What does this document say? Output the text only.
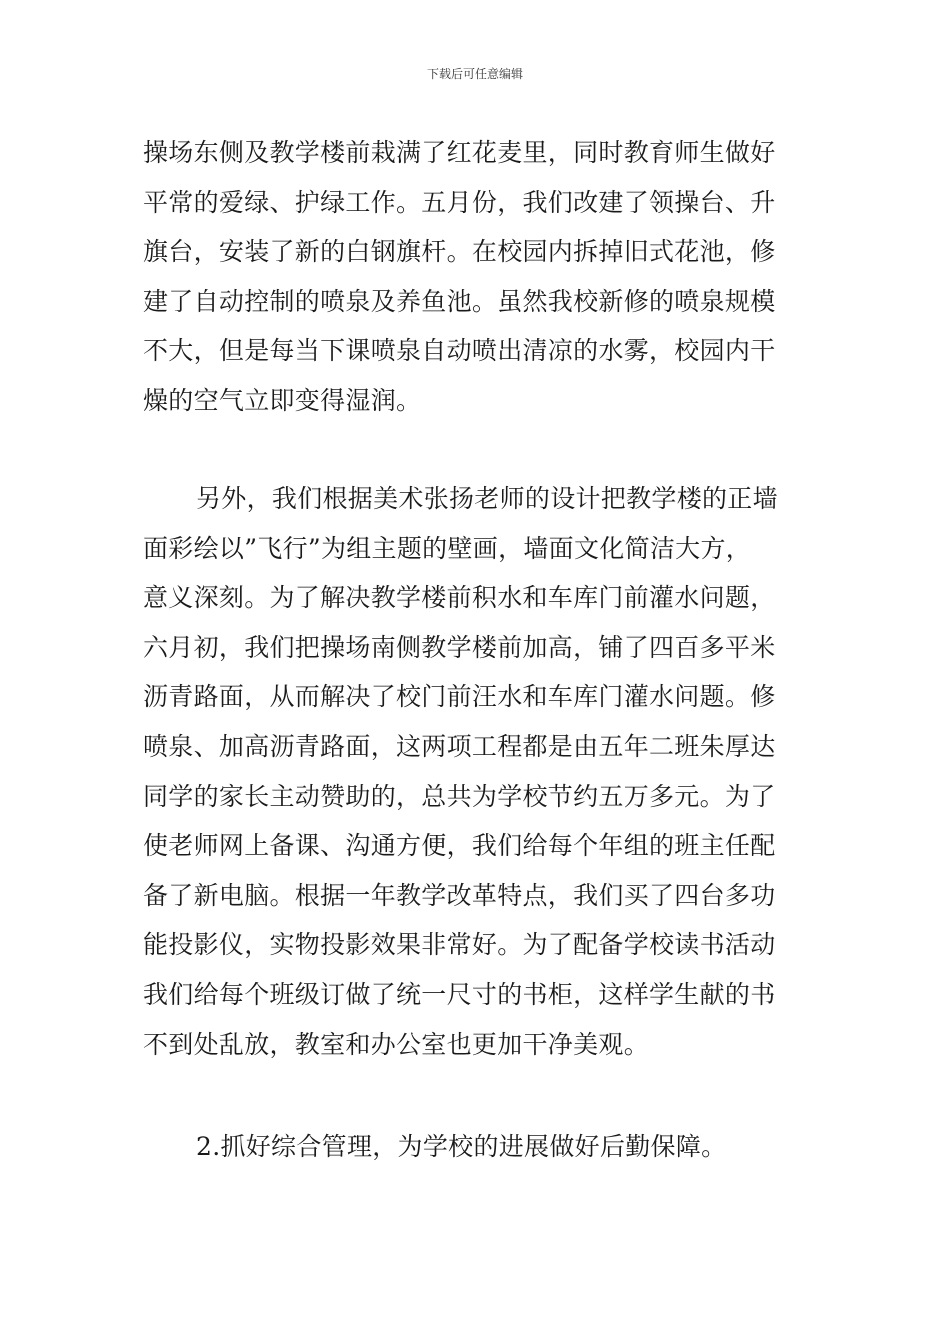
下载后可任意编辑
操场东侧及教学楼前栽满了红花麦里，同时教育师生做好
平常的爱绿、护绿工作。五月份，我们改建了领操台、升
旗台，安装了新的白钢旗杆。在校园内拆掉旧式花池，修
建了自动控制的喷泉及养鱼池。虽然我校新修的喷泉规模
不大，但是每当下课喷泉自动喷出清凉的水雾，校园内干
燥的空气立即变得湿润。
另外，我们根据美术张扬老师的设计把教学楼的正墙
面彩绘以”飞行”为组主题的壁画，墙面文化简洁大方，
意义深刻。为了解决教学楼前积水和车库门前灌水问题，
六月初，我们把操场南侧教学楼前加高，铺了四百多平米
沥青路面，从而解决了校门前汪水和车库门灌水问题。修
喷泉、加高沥青路面，这两项工程都是由五年二班朱厚达
同学的家长主动赞助的，总共为学校节约五万多元。为了
使老师网上备课、沟通方便，我们给每个年组的班主任配
备了新电脑。根据一年教学改革特点，我们买了四台多功
能投影仪，实物投影效果非常好。为了配备学校读书活动
我们给每个班级订做了统一尺寸的书柜，这样学生献的书
不到处乱放，教室和办公室也更加干净美观。
2.抓好综合管理，为学校的进展做好后勤保障。
